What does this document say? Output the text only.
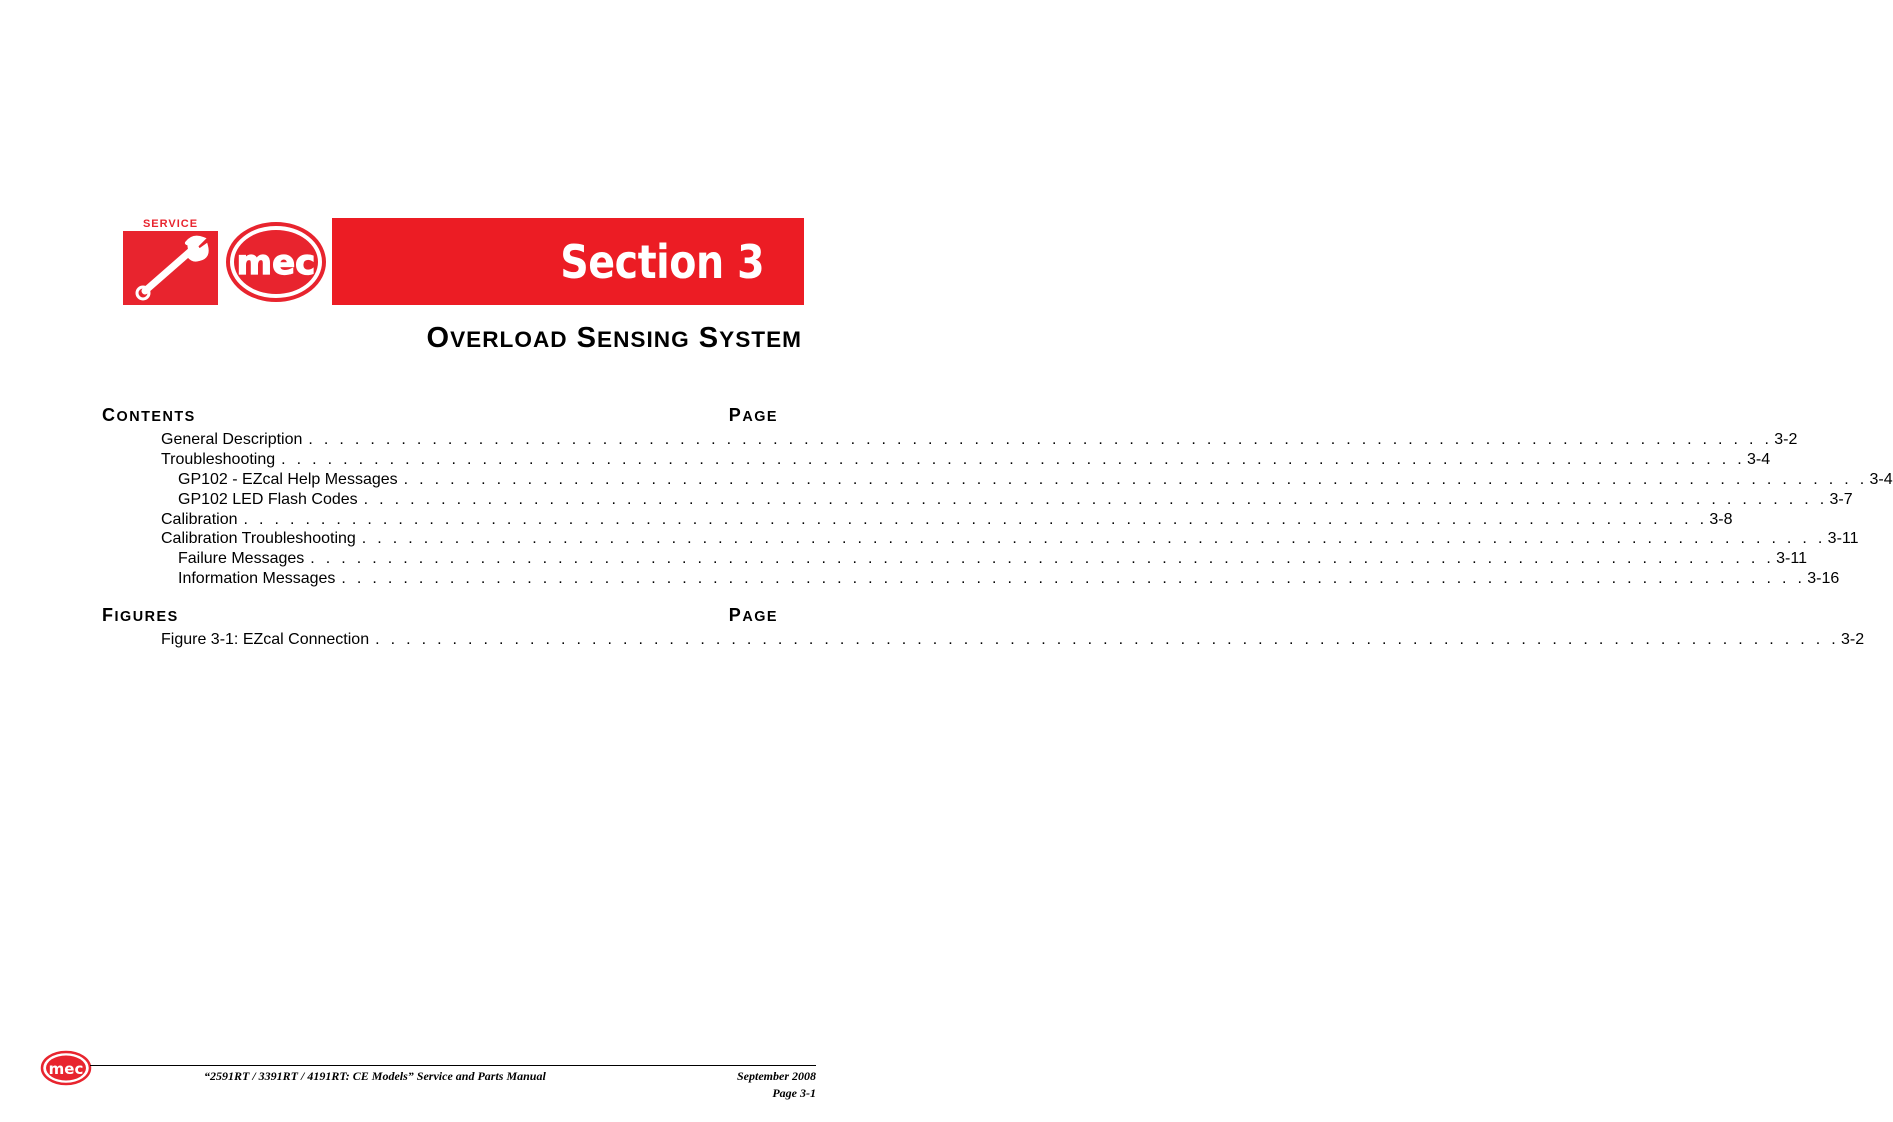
SERVICE
mec	Section 3
OVERLOAD SENSING SYSTEM
CONTENTS	PAGE
General Description . . . . . . . . . . . . . . . . . . . . . . . . . . . . . . . . . . . . . . . . . . . . . . . . . . . . . . . . . . . . . . . . . . . . . . . . . . . . . . . . . . . . . . . . . . . . . . . 3-2
Troubleshooting . . . . . . . . . . . . . . . . . . . . . . . . . . . . . . . . . . . . . . . . . . . . . . . . . . . . . . . . . . . . . . . . . . . . . . . . . . . . . . . . . . . . . . . . . . . . . . . 3-4
GP102 - EZcal Help Messages . . . . . . . . . . . . . . . . . . . . . . . . . . . . . . . . . . . . . . . . . . . . . . . . . . . . . . . . . . . . . . . . . . . . . . . . . . . . . . . . . . . . . . . . . . . . . . . 3-4
GP102 LED Flash Codes . . . . . . . . . . . . . . . . . . . . . . . . . . . . . . . . . . . . . . . . . . . . . . . . . . . . . . . . . . . . . . . . . . . . . . . . . . . . . . . . . . . . . . . . . . . . . . . 3-7
Calibration . . . . . . . . . . . . . . . . . . . . . . . . . . . . . . . . . . . . . . . . . . . . . . . . . . . . . . . . . . . . . . . . . . . . . . . . . . . . . . . . . . . . . . . . . . . . . . . 3-8
Calibration Troubleshooting . . . . . . . . . . . . . . . . . . . . . . . . . . . . . . . . . . . . . . . . . . . . . . . . . . . . . . . . . . . . . . . . . . . . . . . . . . . . . . . . . . . . . . . . . . . . . . . 3-11
Failure Messages . . . . . . . . . . . . . . . . . . . . . . . . . . . . . . . . . . . . . . . . . . . . . . . . . . . . . . . . . . . . . . . . . . . . . . . . . . . . . . . . . . . . . . . . . . . . . . . 3-11
Information Messages . . . . . . . . . . . . . . . . . . . . . . . . . . . . . . . . . . . . . . . . . . . . . . . . . . . . . . . . . . . . . . . . . . . . . . . . . . . . . . . . . . . . . . . . . . . . . . . 3-16
FIGURES	PAGE
Figure 3-1: EZcal Connection . . . . . . . . . . . . . . . . . . . . . . . . . . . . . . . . . . . . . . . . . . . . . . . . . . . . . . . . . . . . . . . . . . . . . . . . . . . . . . . . . . . . . . . . . . . . . . . 3-2
mec	“2591RT / 3391RT / 4191RT: CE Models” Service and Parts Manual	September 2008
Page 3-1
